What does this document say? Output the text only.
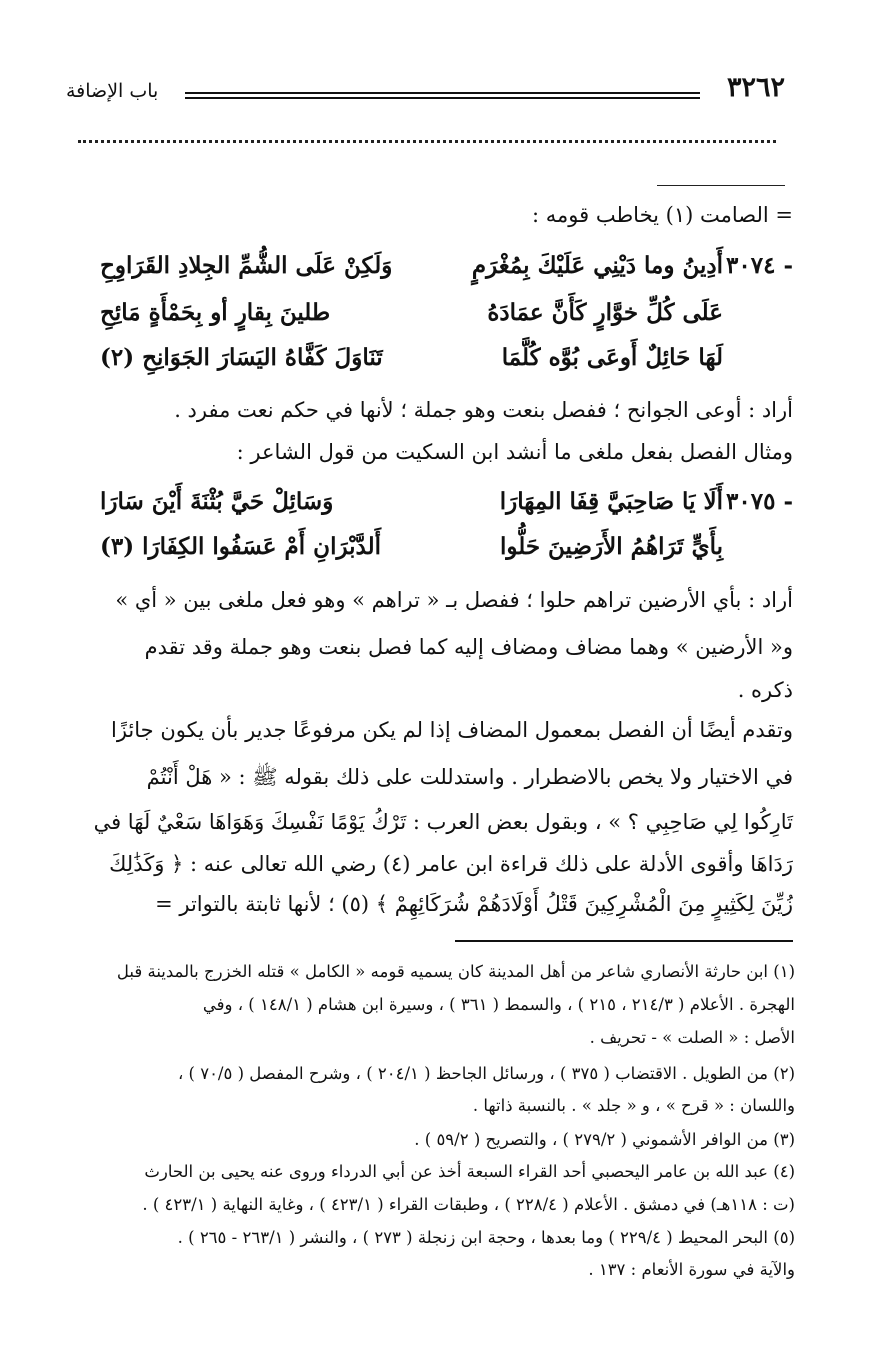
٣٢٦٢
باب الإضافة
= الصامت (١) يخاطب قومه :
٣٠٧٤ -
أَدِينُ وما دَيْنِي عَلَيْكَ بِمُغْرَمٍ
وَلَكِنْ عَلَى الشُّمِّ الجِلادِ القَرَاوِحِ
عَلَى كُلِّ خوَّارٍ كَأَنَّ عمَادَهُ
طلينَ بِقارٍ أو بِحَمْأَةٍ مَائِحِ
لَهَا حَائِلٌ أَوعَى بُوَّه كُلَّمَا
تَنَاوَلَ كَفَّاهُ اليَسَارَ الجَوَانِحِ (٢)
أراد : أوعى الجوانح ؛ ففصل بنعت وهو جملة ؛ لأنها في حكم نعت مفرد .
ومثال الفصل بفعل ملغى ما أنشد ابن السكيت من قول الشاعر :
٣٠٧٥ -
أَلَا يَا صَاحِبَيَّ قِفَا المِهَارَا
وَسَائِلْ حَيَّ بُثْنَةَ أَيْنَ سَارَا
بِأَيٍّ تَرَاهُمُ الأَرَضِينَ حَلُّوا
أَلدَّبْرَانِ أَمْ عَسَفُوا الكِفَارَا (٣)
أراد : بأي الأرضين تراهم حلوا ؛ ففصل بـ « تراهم » وهو فعل ملغى بين « أي »
و« الأرضين » وهما مضاف ومضاف إليه كما فصل بنعت وهو جملة وقد تقدم
ذكره .
وتقدم أيضًا أن الفصل بمعمول المضاف إذا لم يكن مرفوعًا جدير بأن يكون جائزًا
في الاختيار ولا يخص بالاضطرار . واستدللت على ذلك بقوله ﷺ : « هَلْ أَنْتُمْ
تَارِكُوا لِي صَاحِبِي ؟ » ، وبقول بعض العرب : تَرْكُ يَوْمًا نَفْسِكَ وَهَوَاهَا سَعْيٌ لَهَا في
رَدَاهَا وأقوى الأدلة على ذلك قراءة ابن عامر (٤) رضي الله تعالى عنه : ﴿ وَكَذَٰلِكَ
زُيِّنَ لِكَثِيرٍ مِنَ الْمُشْرِكِينَ قَتْلُ أَوْلَادَهُمْ شُرَكَائِهِمْ ﴾ (٥) ؛ لأنها ثابتة بالتواتر =
(١) ابن حارثة الأنصاري شاعر من أهل المدينة كان يسميه قومه « الكامل » قتله الخزرج بالمدينة قبل
الهجرة . الأعلام ( ٢١٤/٣ ، ٢١٥ ) ، والسمط ( ٣٦١ ) ، وسيرة ابن هشام ( ١٤٨/١ ) ، وفي
الأصل : « الصلت » - تحريف .
(٢) من الطويل . الاقتضاب ( ٣٧٥ ) ، ورسائل الجاحظ ( ٢٠٤/١ ) ، وشرح المفصل ( ٧٠/٥ ) ،
واللسان : « قرح » ، و « جلد » . بالنسبة ذاتها .
(٣) من الوافر الأشموني ( ٢٧٩/٢ ) ، والتصريح ( ٥٩/٢ ) .
(٤) عبد الله بن عامر اليحصبي أحد القراء السبعة أخذ عن أبي الدرداء وروى عنه يحيى بن الحارث
(ت : ١١٨هـ) في دمشق . الأعلام ( ٢٢٨/٤ ) ، وطبقات القراء ( ٤٢٣/١ ) ، وغاية النهاية ( ٤٢٣/١ ) .
(٥) البحر المحيط ( ٢٢٩/٤ ) وما بعدها ، وحجة ابن زنجلة ( ٢٧٣ ) ، والنشر ( ٢٦٣/١ - ٢٦٥ ) .
والآية في سورة الأنعام : ١٣٧ .
